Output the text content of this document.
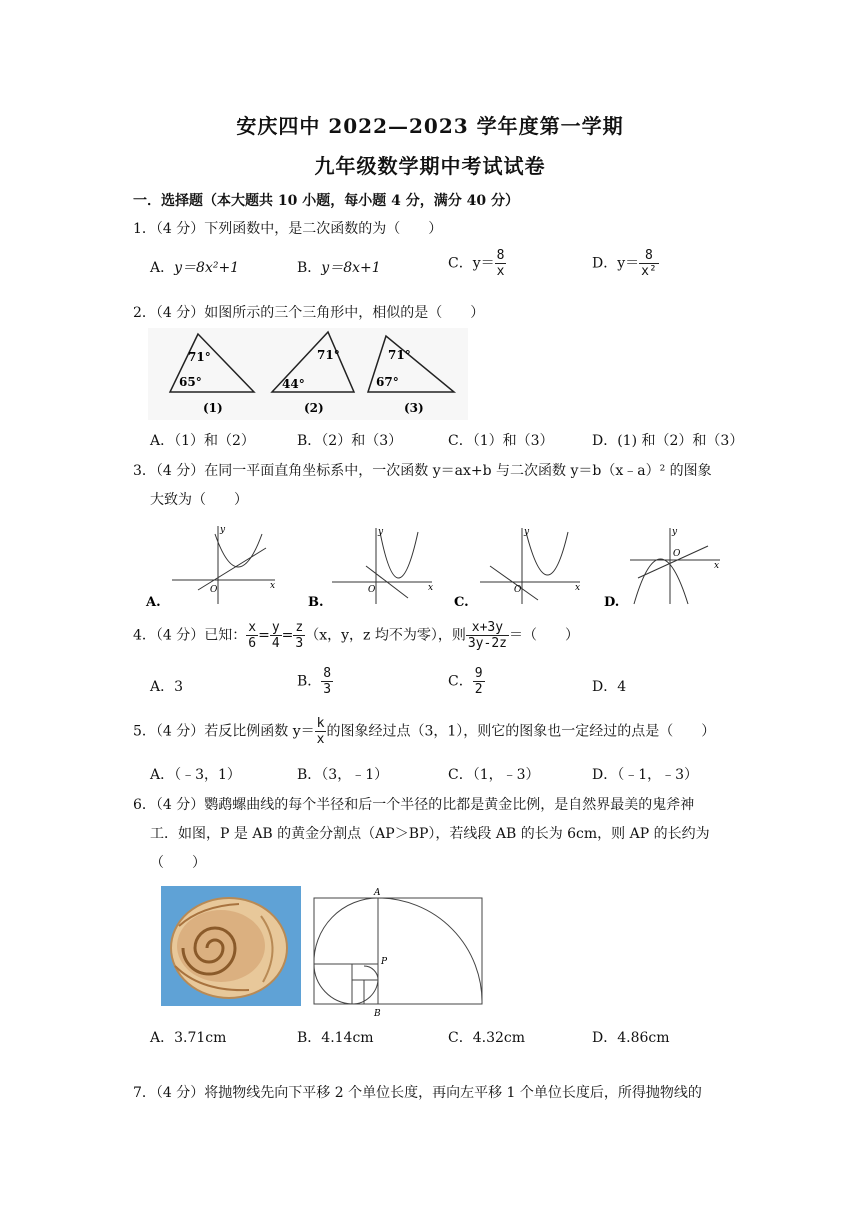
安庆四中 2022—2023 学年度第一学期
九年级数学期中考试试卷
一．选择题（本大题共 10 小题，每小题 4 分，满分 40 分）
1．（4 分）下列函数中，是二次函数的为（　　）
A．y＝8x²+1	B．y＝8x+1	C．$y= \frac{8}{x}$	D．$y= \frac{8}{\text{x²}}$
2．（4 分）如图所示的三个三角形中，相似的是（　　）
71°
65°
(1)
71°
44°
(2)
71°
67°
(3)
A．（1）和（2）	B．（2）和（3）	C．（1）和（3）	D．(1) 和（2）和（3）
3．（4 分）在同一平面直角坐标系中，一次函数 y＝ax+b 与二次函数 y＝b（x﹣a）² 的图象
大致为（　　）
O	x
y
A.
O	x
y
B.
O	x
y
C.
O
x
y
D.
4．（4 分）已知： $\frac{x}{6} = \frac{y}{4} = \frac{z}{3} (x$，y，z 均不为零），则 $\frac{x+3y}{3y-2z}$ ＝（　　）
A．3	B． $\frac{8}{3}$	C． $\frac{9}{2}$	D．4
5．（4 分）若反比例函数 $y= \frac{k}{x}$ 的图象经过点（3，1），则它的图象也一定经过的点是（　　）
A．（﹣3，1）	B．（3，﹣1）	C．（1，﹣3）	D．（﹣1，﹣3）
6．（4 分）鹦鹉螺曲线的每个半径和后一个半径的比都是黄金比例，是自然界最美的鬼斧神
工．如图，P 是 AB 的黄金分割点（AP＞BP），若线段 AB 的长为 6cm，则 AP 的长约为
（　　）
A
P
B
A．3.71cm	B．4.14cm	C．4.32cm	D．4.86cm
7．（4 分）将抛物线先向下平移 2 个单位长度，再向左平移 1 个单位长度后，所得抛物线的
